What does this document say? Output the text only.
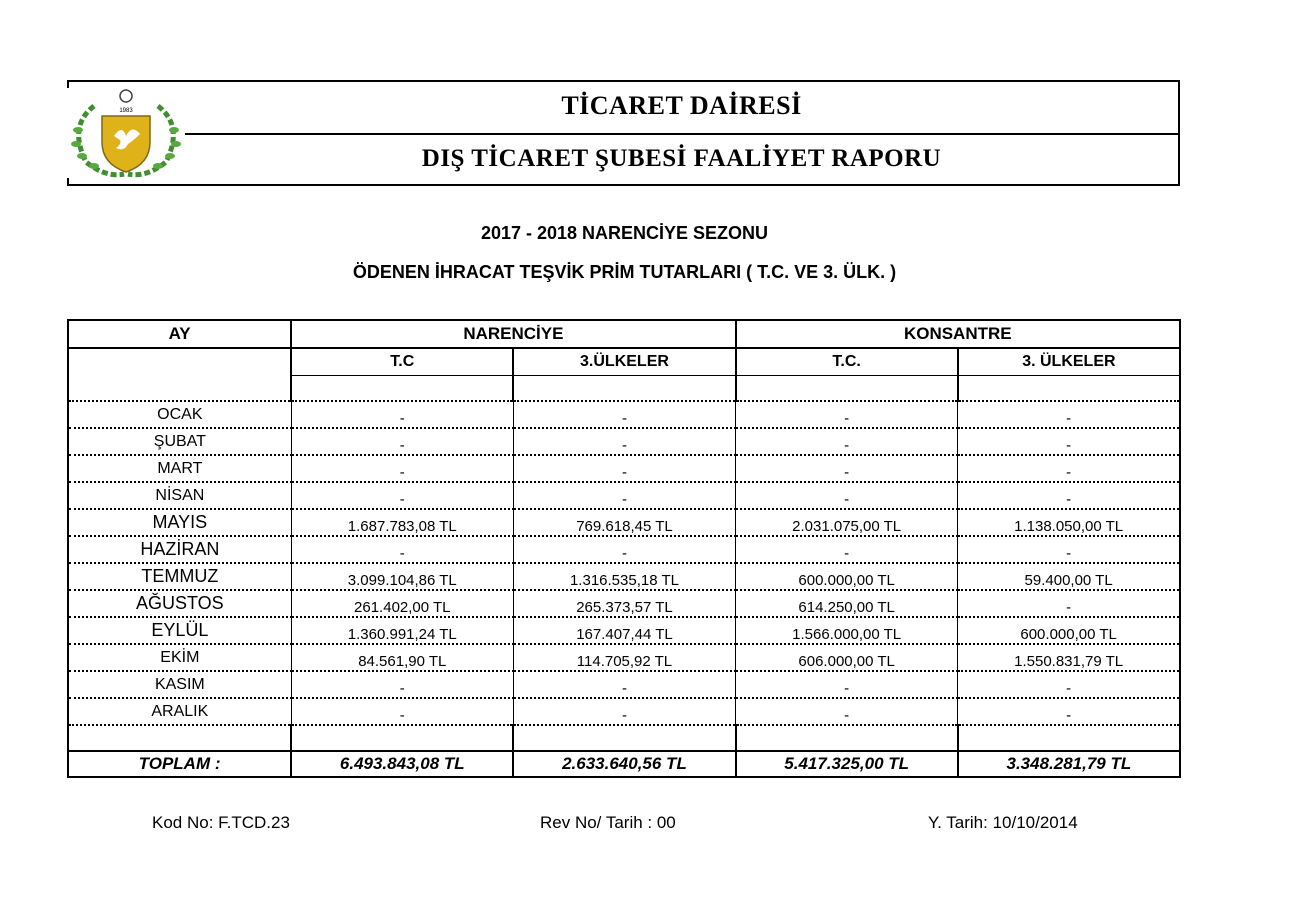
TİCARET DAİRESİ
DIŞ TİCARET ŞUBESİ FAALİYET RAPORU
1983
2017 - 2018 NARENCİYE SEZONU
ÖDENEN İHRACAT TEŞVİK PRİM TUTARLARI ( T.C. VE 3. ÜLK. )
AY	NARENCİYE		KONSANTRE	
	T.C	3.ÜLKELER	T.C.	3. ÜLKELER

OCAK	-	-	-	-
ŞUBAT	-	-	-	-
MART	-	-	-	-
NİSAN	-	-	-	-
MAYIS	1.687.783,08 TL	769.618,45 TL	2.031.075,00 TL	1.138.050,00 TL
HAZİRAN	-	-	-	-
TEMMUZ	3.099.104,86 TL	1.316.535,18 TL	600.000,00 TL	59.400,00 TL
AĞUSTOS	261.402,00 TL	265.373,57 TL	614.250,00 TL	-
EYLÜL	1.360.991,24 TL	167.407,44 TL	1.566.000,00 TL	600.000,00 TL
EKİM	84.561,90 TL	114.705,92 TL	606.000,00 TL	1.550.831,79 TL
KASIM	-	-	-	-
ARALIK	-	-	-	-

TOPLAM :	6.493.843,08 TL	2.633.640,56 TL	5.417.325,00 TL	3.348.281,79 TL
Kod No: F.TCD.23	Rev No/ Tarih : 00	Y. Tarih: 10/10/2014
